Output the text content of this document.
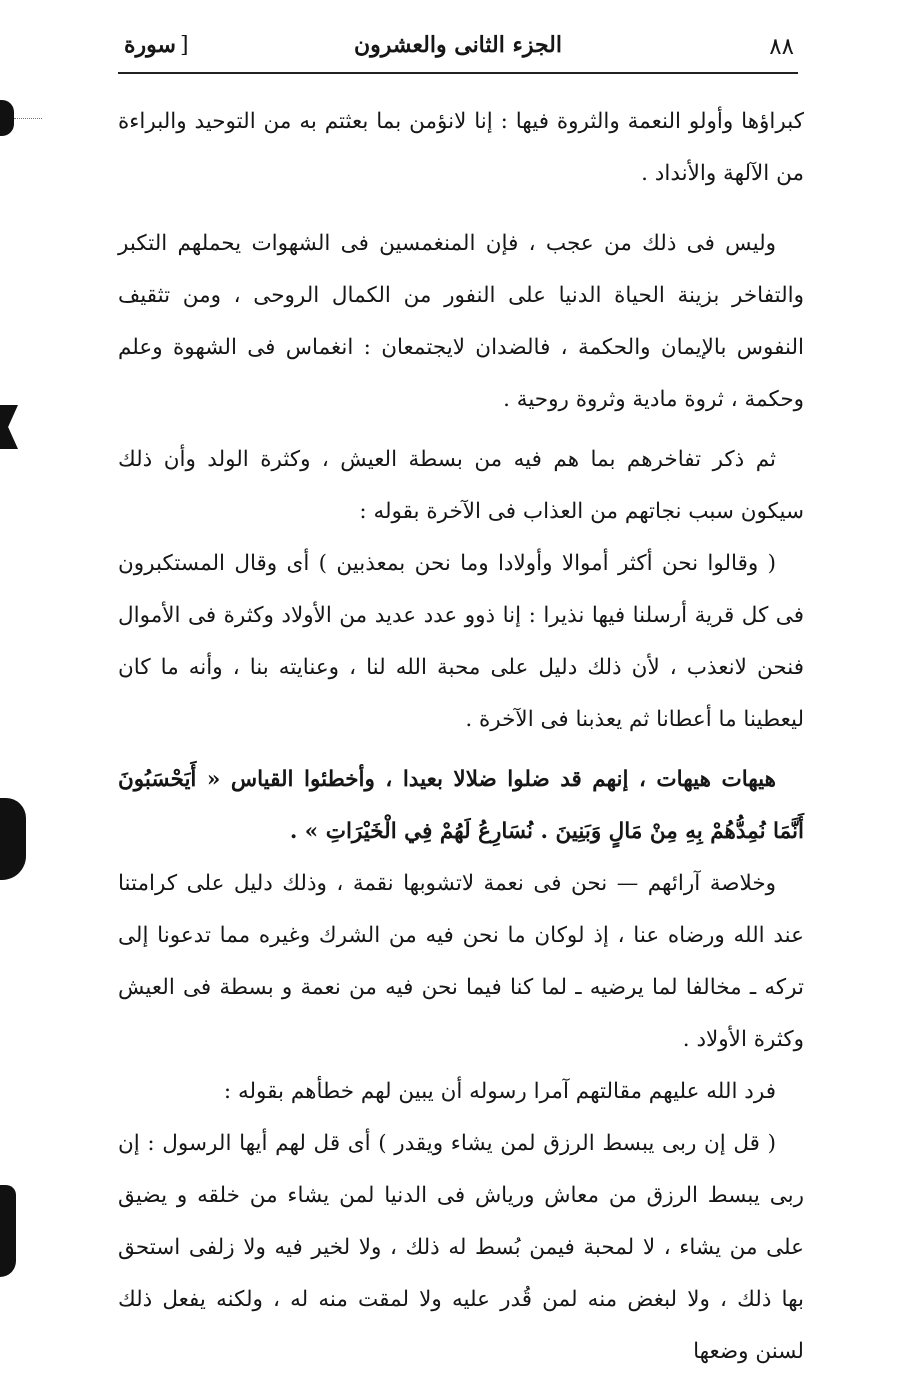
٨٨
الجزء الثانى والعشرون
[سورة

كبراؤها وأولو النعمة والثروة فيها : إنا لانؤمن بما بعثتم به من التوحيد والبراءة من الآلهة والأنداد .

وليس فى ذلك من عجب ، فإن المنغمسين فى الشهوات يحملهم التكبر والتفاخر بزينة الحياة الدنيا على النفور من الكمال الروحى ، ومن تثقيف النفوس بالإيمان والحكمة ، فالضدان لايجتمعان : انغماس فى الشهوة وعلم وحكمة ، ثروة مادية وثروة روحية .

ثم ذكر تفاخرهم بما هم فيه من بسطة العيش ، وكثرة الولد وأن ذلك سيكون سبب نجاتهم من العذاب فى الآخرة بقوله :

( وقالوا نحن أكثر أموالا وأولادا وما نحن بمعذبين ) أى وقال المستكبرون فى كل قرية أرسلنا فيها نذيرا : إنا ذوو عدد عديد من الأولاد وكثرة فى الأموال فنحن لانعذب ، لأن ذلك دليل على محبة الله لنا ، وعنايته بنا ، وأنه ما كان ليعطينا ما أعطانا ثم يعذبنا فى الآخرة .

هيهات هيهات ، إنهم قد ضلوا ضلالا بعيدا ، وأخطئوا القياس « أَيَحْسَبُونَ أَنَّمَا نُمِدُّهُمْ بِهِ مِنْ مَالٍ وَبَنِينَ . نُسَارِعُ لَهُمْ فِي الْخَيْرَاتِ » .

وخلاصة آرائهم — نحن فى نعمة لاتشوبها نقمة ، وذلك دليل على كرامتنا عند الله ورضاه عنا ، إذ لوكان ما نحن فيه من الشرك وغيره مما تدعونا إلى تركه ـ مخالفا لما يرضيه ـ لما كنا فيما نحن فيه من نعمة و بسطة فى العيش وكثرة الأولاد .

فرد الله عليهم مقالتهم آمرا رسوله أن يبين لهم خطأهم بقوله :

( قل إن ربى يبسط الرزق لمن يشاء ويقدر ) أى قل لهم أيها الرسول : إن ربى يبسط الرزق من معاش ورياش فى الدنيا لمن يشاء من خلقه و يضيق على من يشاء ، لا لمحبة فيمن بُسط له ذلك ، ولا لخير فيه ولا زلفى استحق بها ذلك ، ولا لبغض منه لمن قُدر عليه ولا لمقت منه له ، ولكنه يفعل ذلك لسنن وضعها
